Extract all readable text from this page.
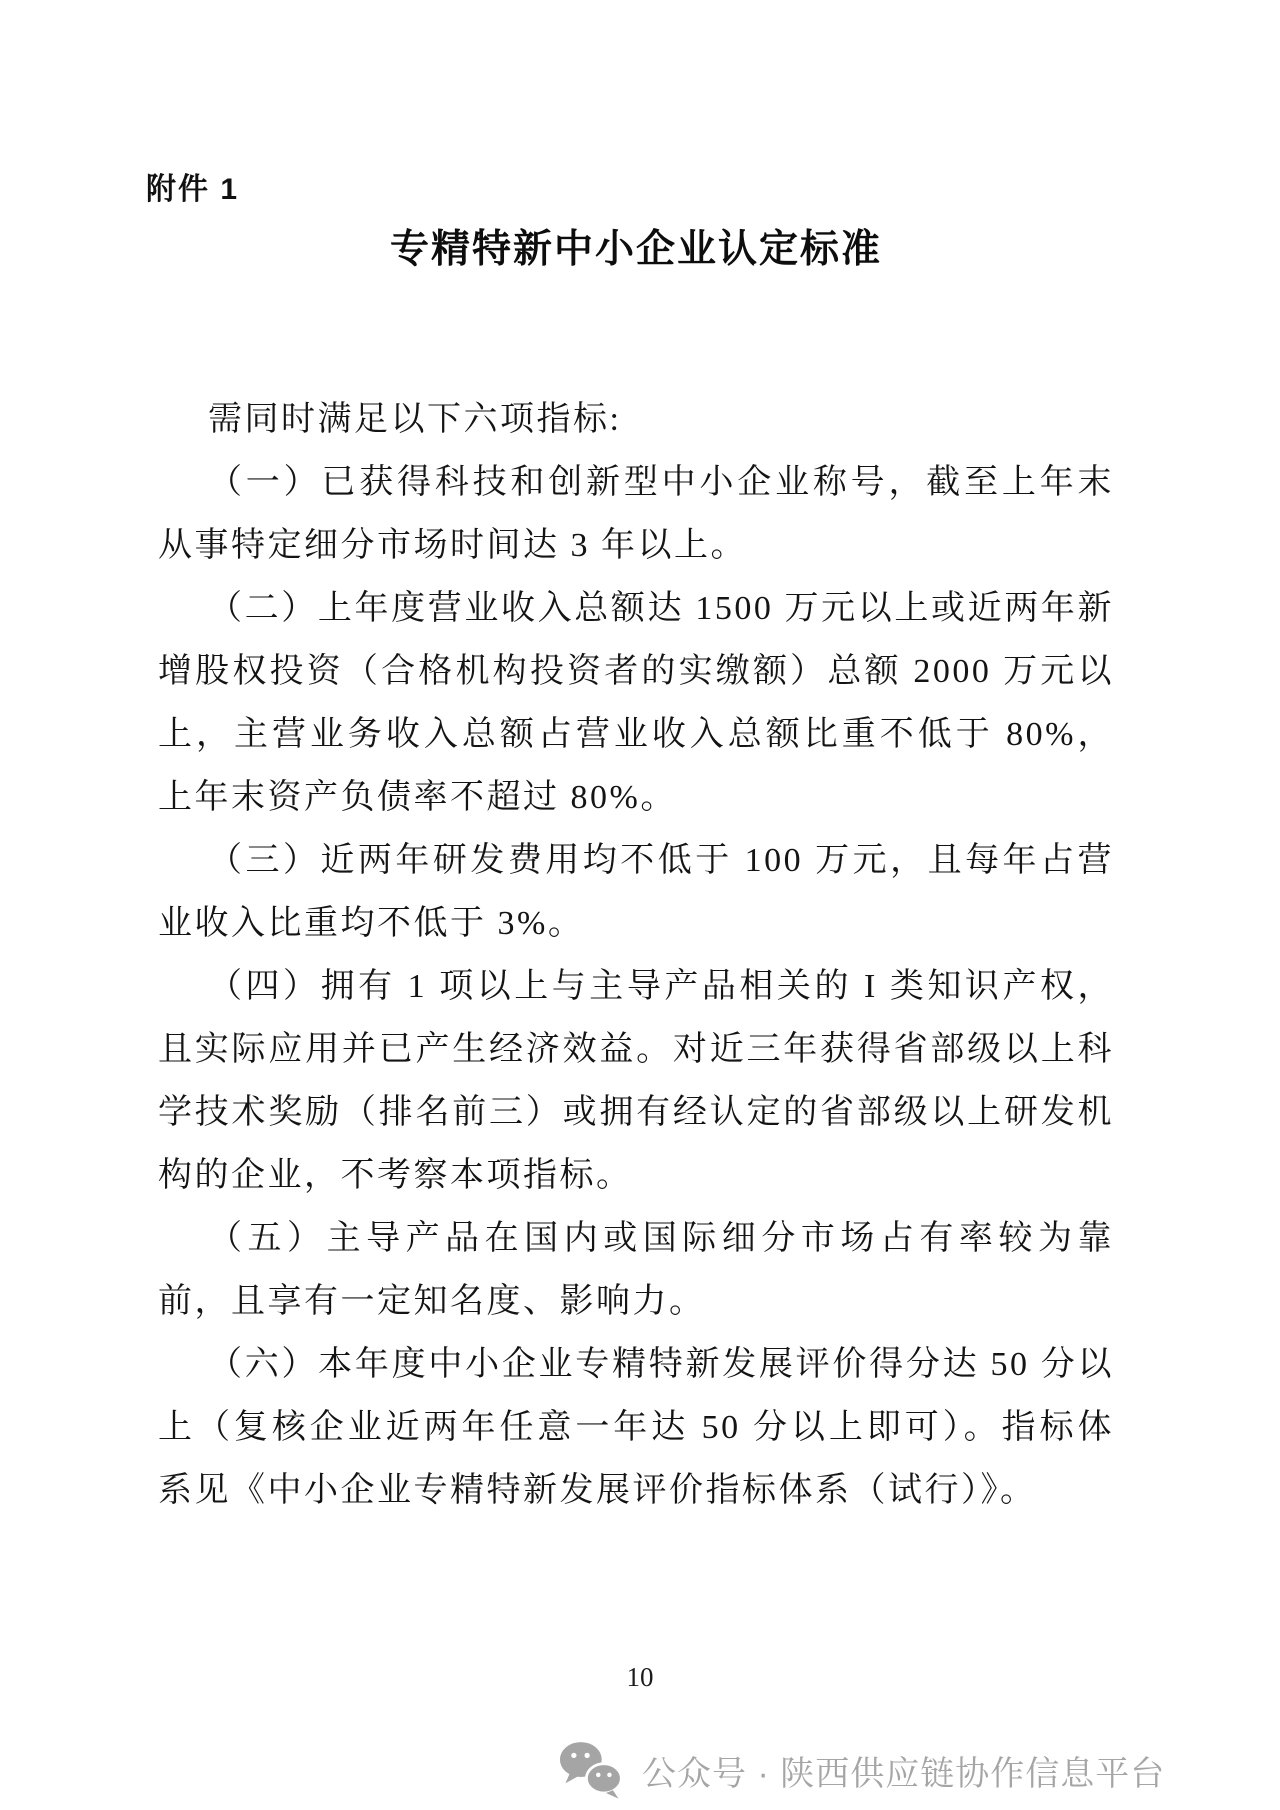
附件 1
专精特新中小企业认定标准

需同时满足以下六项指标:

（一）已获得科技和创新型中小企业称号，截至上年末从事特定细分市场时间达 3 年以上。

（二）上年度营业收入总额达 1500 万元以上或近两年新增股权投资（合格机构投资者的实缴额）总额 2000 万元以上，主营业务收入总额占营业收入总额比重不低于 80%，上年末资产负债率不超过 80%。

（三）近两年研发费用均不低于 100 万元，且每年占营业收入比重均不低于 3%。

（四）拥有 1 项以上与主导产品相关的 I 类知识产权，且实际应用并已产生经济效益。对近三年获得省部级以上科学技术奖励（排名前三）或拥有经认定的省部级以上研发机构的企业，不考察本项指标。

（五）主导产品在国内或国际细分市场占有率较为靠前，且享有一定知名度、影响力。

（六）本年度中小企业专精特新发展评价得分达 50 分以上（复核企业近两年任意一年达 50 分以上即可）。指标体系见《中小企业专精特新发展评价指标体系（试行）》。

10
公众号 · 陕西供应链协作信息平台
